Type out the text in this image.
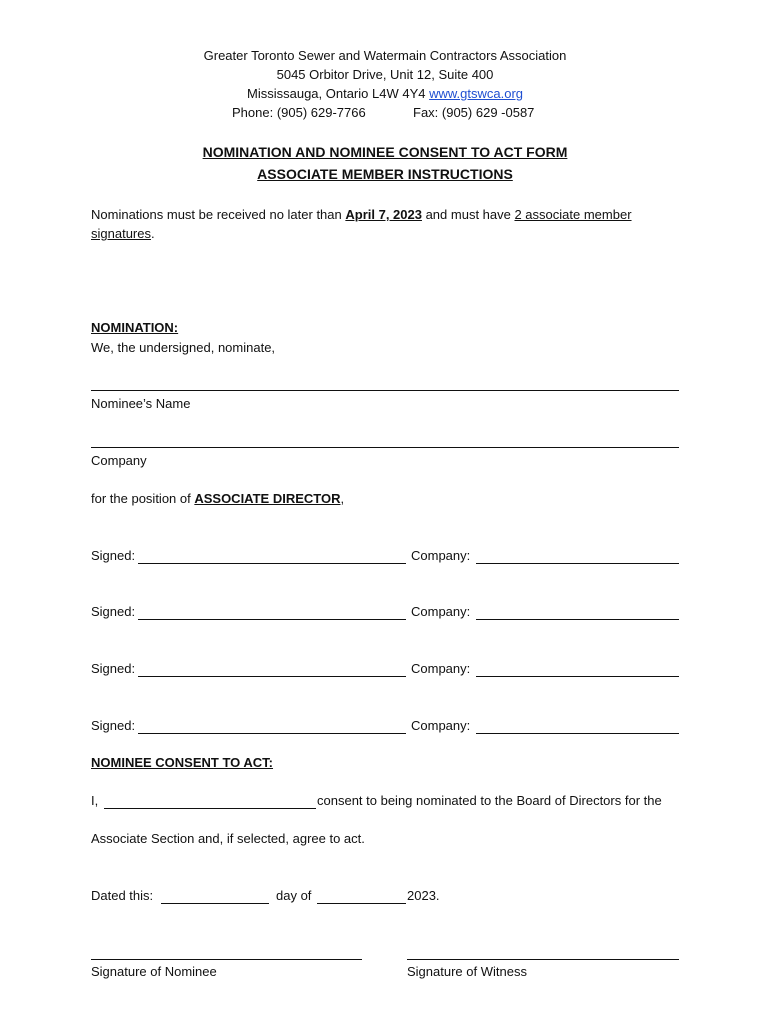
Greater Toronto Sewer and Watermain Contractors Association
5045 Orbitor Drive, Unit 12, Suite 400
Mississauga, Ontario L4W 4Y4 www.gtswca.org
Phone: (905) 629-7766	Fax: (905) 629 -0587
NOMINATION AND NOMINEE CONSENT TO ACT FORM
ASSOCIATE MEMBER INSTRUCTIONS
Nominations must be received no later than April 7, 2023 and must have 2 associate member
signatures.
NOMINATION:
We, the undersigned, nominate,
Nominee’s Name
Company
for the position of ASSOCIATE DIRECTOR,
Signed:	Company:
Signed:	Company:
Signed:	Company:
Signed:	Company:
NOMINEE CONSENT TO ACT:
I,	consent to being nominated to the Board of Directors for the
Associate Section and, if selected, agree to act.
Dated this:	day of	2023.
Signature of Nominee	Signature of Witness
